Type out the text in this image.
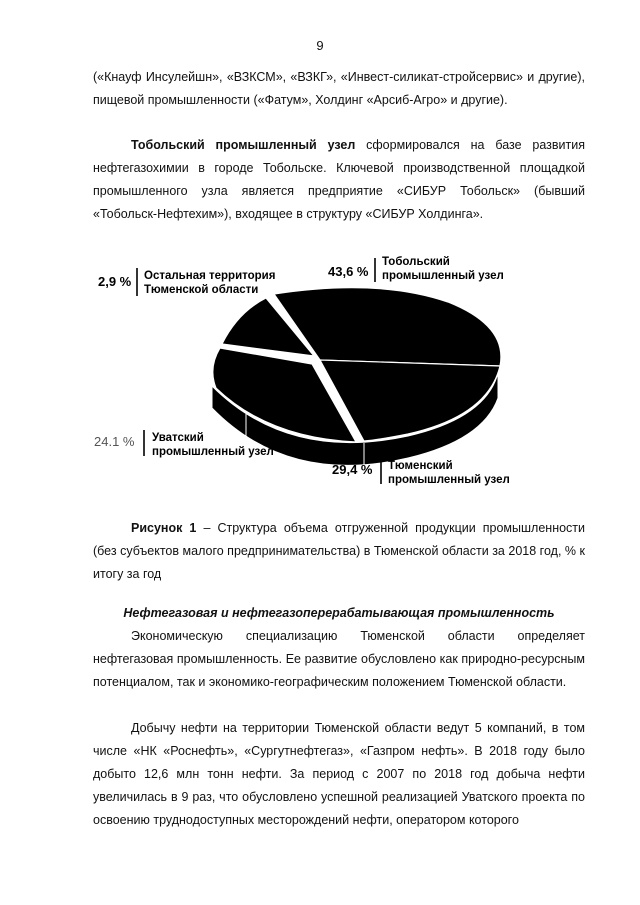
9

(«Кнауф Инсулейшн», «ВЗКСМ», «ВЗКГ», «Инвест-силикат-стройсервис» и другие), пищевой промышленности («Фатум», Холдинг «Арсиб-Агро» и другие).

Тобольский промышленный узел сформировался на базе развития нефтегазохимии в городе Тобольске. Ключевой производственной площадкой промышленного узла является предприятие «СИБУР Тобольск» (бывший «Тобольск-Нефтехим»), входящее в структуру «СИБУР Холдинга».

43,6 %
Тобольский
промышленный узел
2,9 % Остальная территория
Тюменской области
24.1 % Уватский
промышленный узел
29,4 % Тюменский
промышленный узел

Рисунок 1 – Структура объема отгруженной продукции промышленности (без субъектов малого предпринимательства) в Тюменской области за 2018 год, % к итогу за год

Нефтегазовая и нефтегазоперерабатывающая промышленность

Экономическую специализацию Тюменской области определяет нефтегазовая промышленность. Ее развитие обусловлено как природно-ресурсным потенциалом, так и экономико-географическим положением Тюменской области.

Добычу нефти на территории Тюменской области ведут 5 компаний, в том числе «НК «Роснефть», «Сургутнефтегаз», «Газпром нефть». В 2018 году было добыто 12,6 млн тонн нефти. За период с 2007 по 2018 год добыча нефти увеличилась в 9 раз, что обусловлено успешной реализацией Уватского проекта по освоению труднодоступных месторождений нефти, оператором которого
